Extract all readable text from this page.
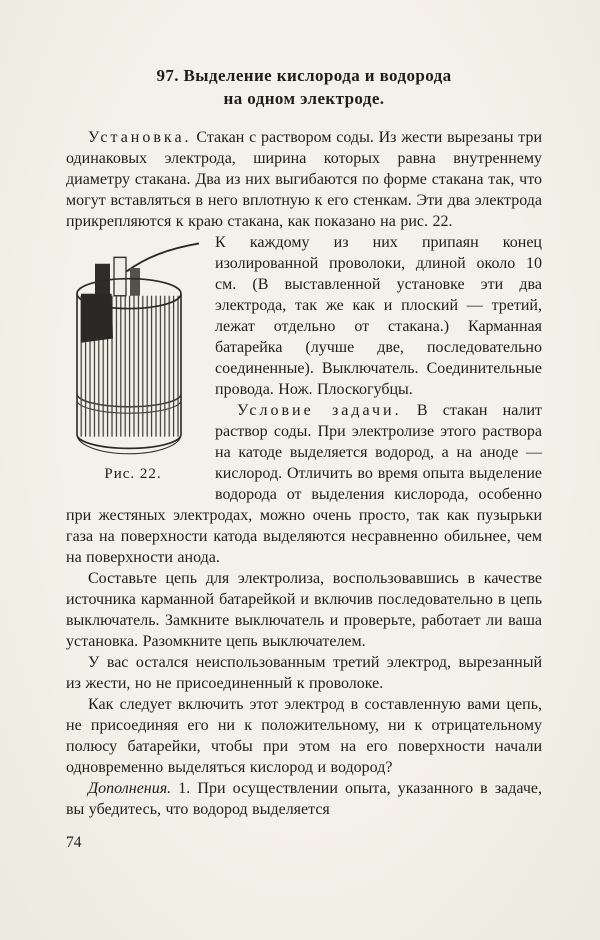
97. Выделение кислорода и водорода
на одном электроде.

Установка. Стакан с раствором соды. Из жести вырезаны три одинаковых электрода, ширина которых равна внутреннему диаметру стакана. Два из них выгибаются по форме стакана так, что могут вставляться в него вплотную к его стенкам. Эти два электрода прикрепляются к краю стакана, как показано на рис. 22.

Рис. 22.

К каждому из них припаян конец изолированной проволоки, длиной около 10 см. (В выставленной установке эти два электрода, так же как и плоский — третий, лежат отдельно от стакана.) Карманная батарейка (лучше две, последовательно соединенные). Выключатель. Соединительные провода. Нож. Плоскогубцы.

Условие задачи. В стакан налит раствор соды. При электролизе этого раствора на катоде выделяется водород, а на аноде — кислород. Отличить во время опыта выделение водорода от выделения кислорода, особенно при жестяных электродах, можно очень просто, так как пузырьки газа на поверхности катода выделяются несравненно обильнее, чем на поверхности анода.

Составьте цепь для электролиза, воспользовавшись в качестве источника карманной батарейкой и включив последовательно в цепь выключатель. Замкните выключатель и проверьте, работает ли ваша установка. Разомкните цепь выключателем.

У вас остался неиспользованным третий электрод, вырезанный из жести, но не присоединенный к проволоке.

Как следует включить этот электрод в составленную вами цепь, не присоединяя его ни к положительному, ни к отрицательному полюсу батарейки, чтобы при этом на его поверхности начали одновременно выделяться кислород и водород?

Дополнения. 1. При осуществлении опыта, указанного в задаче, вы убедитесь, что водород выделяется

74
